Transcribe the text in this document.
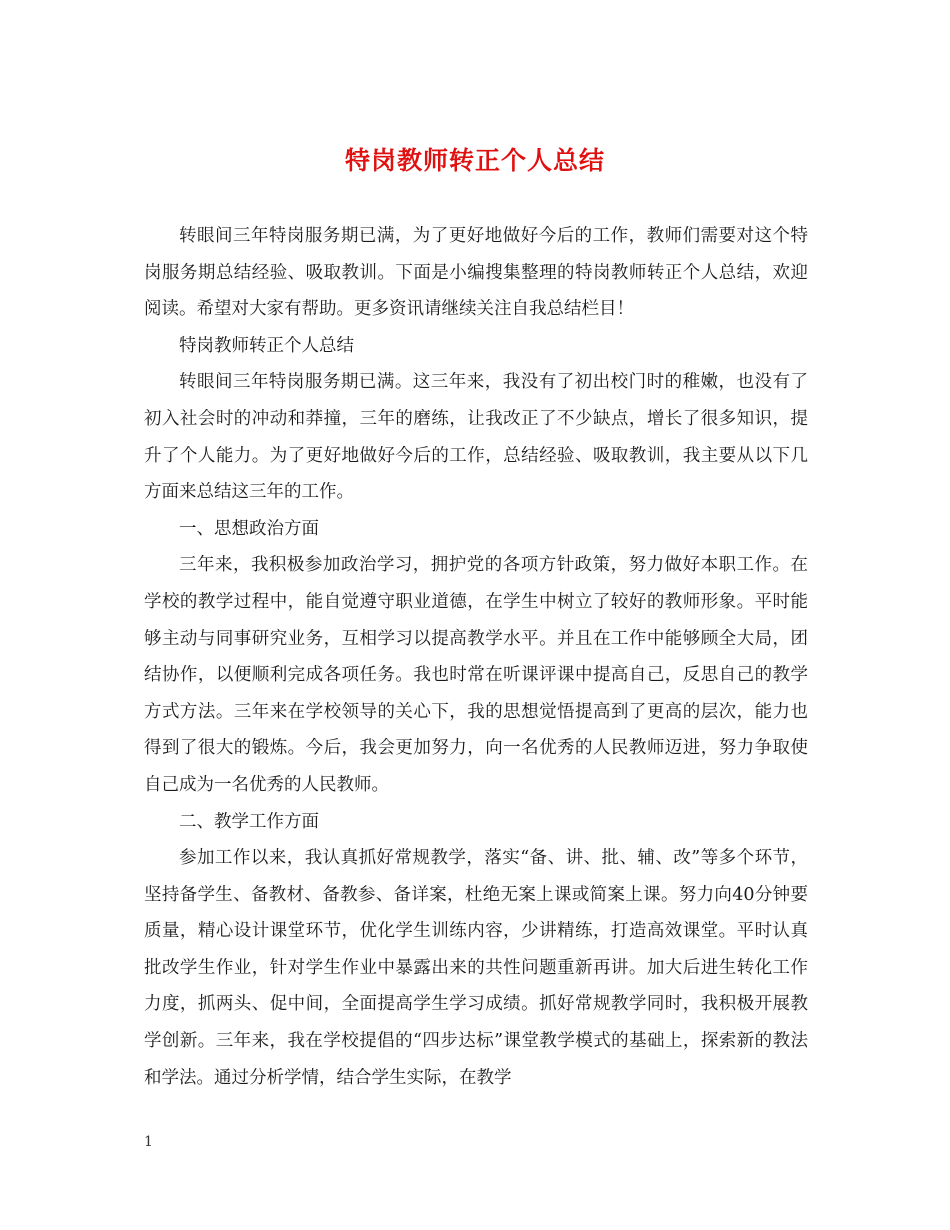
特岗教师转正个人总结

转眼间三年特岗服务期已满，为了更好地做好今后的工作，教师们需要对这个特岗服务期总结经验、吸取教训。下面是小编搜集整理的特岗教师转正个人总结，欢迎阅读。希望对大家有帮助。更多资讯请继续关注自我总结栏目！

特岗教师转正个人总结

转眼间三年特岗服务期已满。这三年来，我没有了初出校门时的稚嫩，也没有了初入社会时的冲动和莽撞，三年的磨练，让我改正了不少缺点，增长了很多知识，提升了个人能力。为了更好地做好今后的工作，总结经验、吸取教训，我主要从以下几方面来总结这三年的工作。

一、思想政治方面

三年来，我积极参加政治学习，拥护党的各项方针政策，努力做好本职工作。在学校的教学过程中，能自觉遵守职业道德，在学生中树立了较好的教师形象。平时能够主动与同事研究业务，互相学习以提高教学水平。并且在工作中能够顾全大局，团结协作，以便顺利完成各项任务。我也时常在听课评课中提高自己，反思自己的教学方式方法。三年来在学校领导的关心下，我的思想觉悟提高到了更高的层次，能力也得到了很大的锻炼。今后，我会更加努力，向一名优秀的人民教师迈进，努力争取使自己成为一名优秀的人民教师。

二、教学工作方面

参加工作以来，我认真抓好常规教学，落实“备、讲、批、辅、改”等多个环节，坚持备学生、备教材、备教参、备详案，杜绝无案上课或简案上课。努力向40分钟要质量，精心设计课堂环节，优化学生训练内容，少讲精练，打造高效课堂。平时认真批改学生作业，针对学生作业中暴露出来的共性问题重新再讲。加大后进生转化工作力度，抓两头、促中间，全面提高学生学习成绩。抓好常规教学同时，我积极开展教学创新。三年来，我在学校提倡的“四步达标”课堂教学模式的基础上，探索新的教法和学法。通过分析学情，结合学生实际，在教学

1
